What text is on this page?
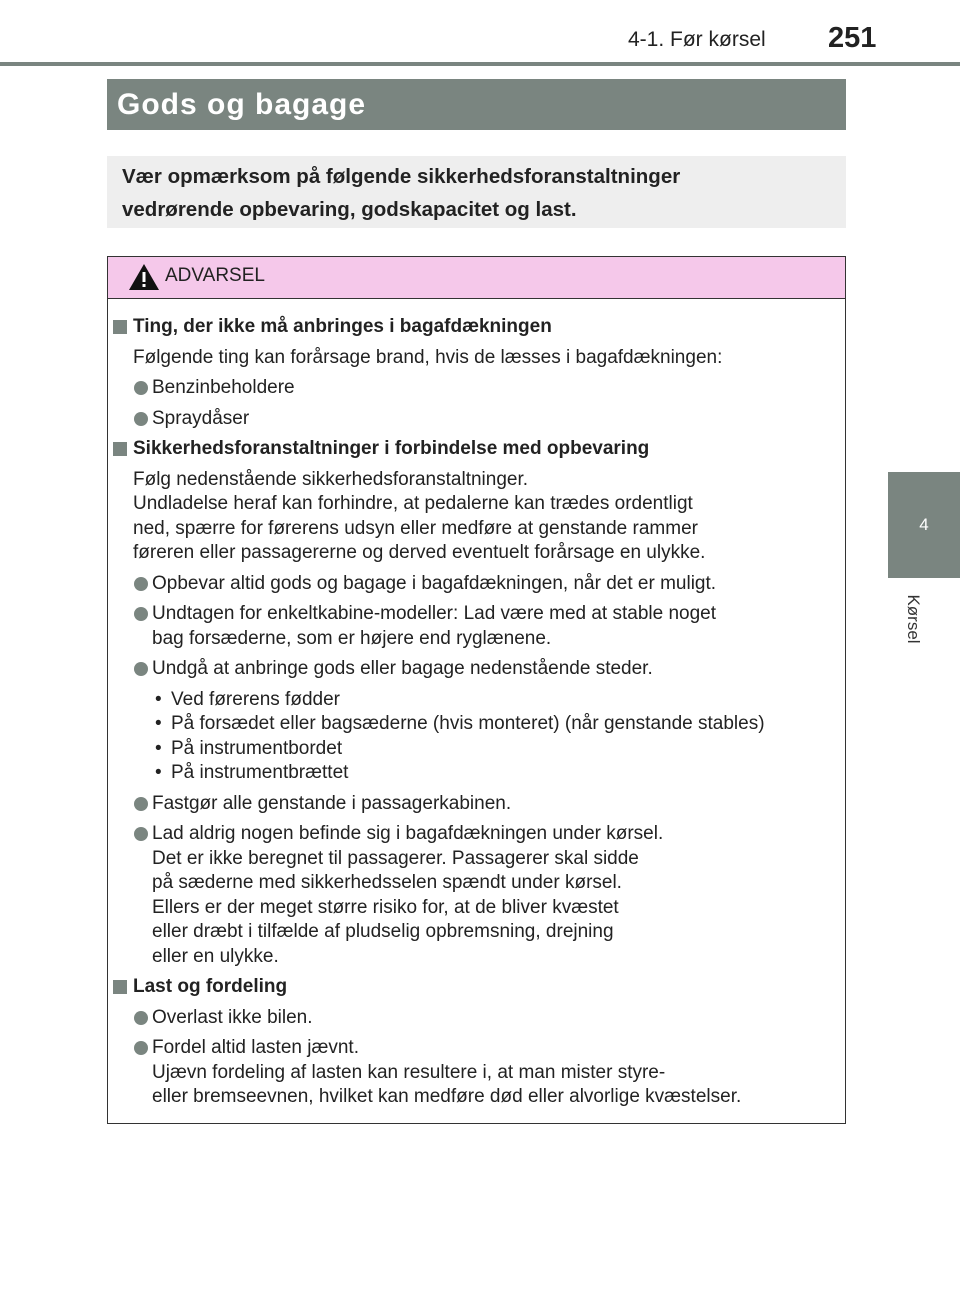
4-1. Før kørsel 251
4
Kørsel
Gods og bagage
Vær opmærksom på følgende sikkerhedsforanstaltninger
vedrørende opbevaring, godskapacitet og last.
ADVARSEL
Ting, der ikke må anbringes i bagafdækningen
Følgende ting kan forårsage brand, hvis de læsses i bagafdækningen:
Benzinbeholdere
Spraydåser
Sikkerhedsforanstaltninger i forbindelse med opbevaring
Følg nedenstående sikkerhedsforanstaltninger.
Undladelse heraf kan forhindre, at pedalerne kan trædes ordentligt
ned, spærre for førerens udsyn eller medføre at genstande rammer
føreren eller passagererne og derved eventuelt forårsage en ulykke.
Opbevar altid gods og bagage i bagafdækningen, når det er muligt.
Undtagen for enkeltkabine-modeller: Lad være med at stable noget
bag forsæderne, som er højere end ryglænene.
Undgå at anbringe gods eller bagage nedenstående steder.
• Ved førerens fødder
• På forsædet eller bagsæderne (hvis monteret) (når genstande stables)
• På instrumentbordet
• På instrumentbrættet
Fastgør alle genstande i passagerkabinen.
Lad aldrig nogen befinde sig i bagafdækningen under kørsel.
Det er ikke beregnet til passagerer. Passagerer skal sidde
på sæderne med sikkerhedsselen spændt under kørsel.
Ellers er der meget større risiko for, at de bliver kvæstet
eller dræbt i tilfælde af pludselig opbremsning, drejning
eller en ulykke.
Last og fordeling
Overlast ikke bilen.
Fordel altid lasten jævnt.
Ujævn fordeling af lasten kan resultere i, at man mister styre-
eller bremseevnen, hvilket kan medføre død eller alvorlige kvæstelser.
